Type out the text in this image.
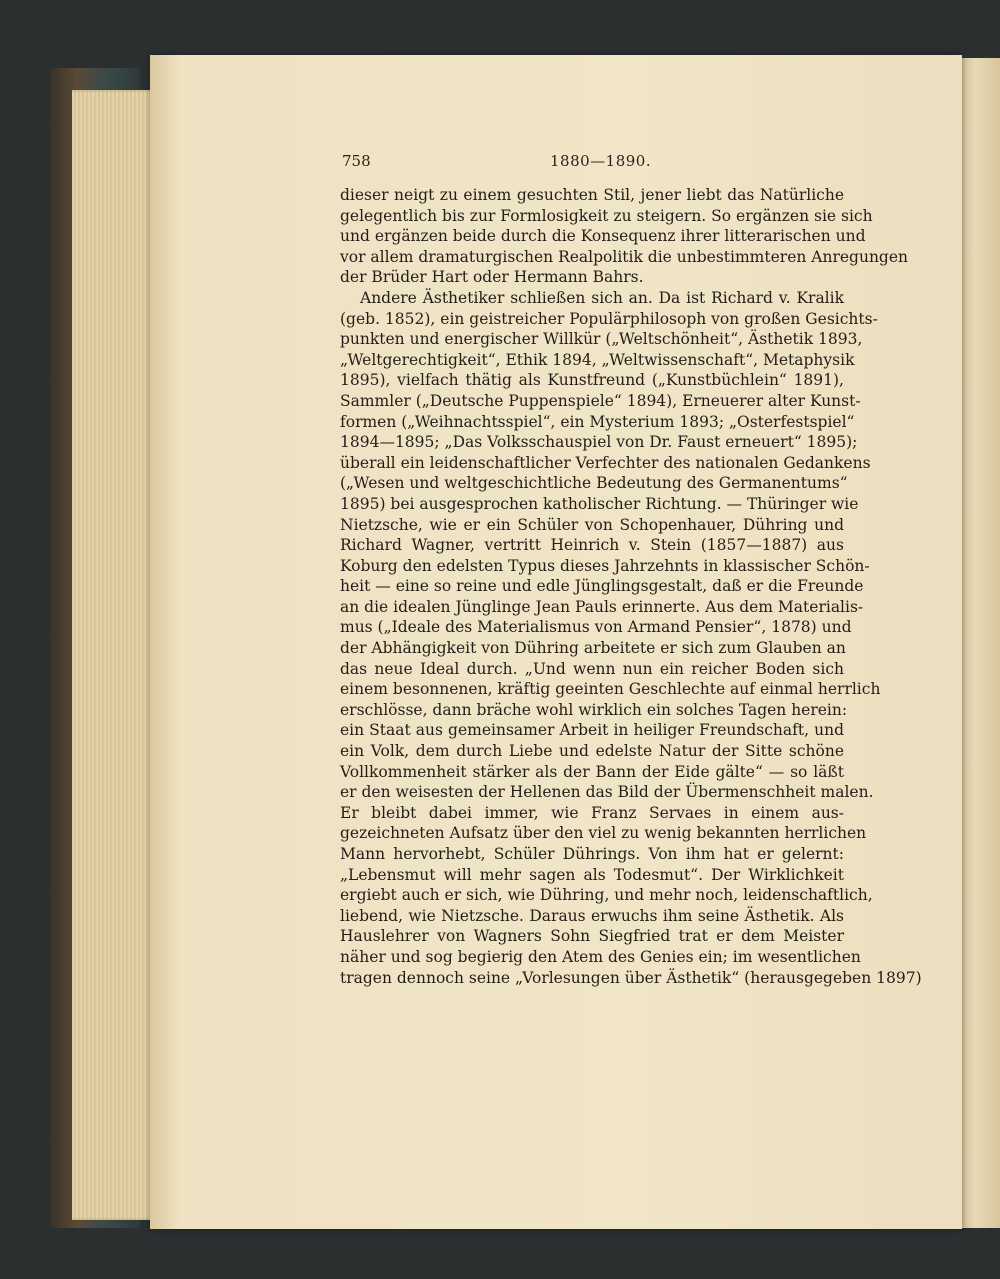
758	1880—1890.
dieser neigt zu einem gesuchten Stil, jener liebt das Natürliche
gelegentlich bis zur Formlosigkeit zu steigern. So ergänzen sie sich
und ergänzen beide durch die Konsequenz ihrer litterarischen und
vor allem dramaturgischen Realpolitik die unbestimmteren Anregungen
der Brüder Hart oder Hermann Bahrs.
Andere Ästhetiker schließen sich an. Da ist Richard v. Kralik
(geb. 1852), ein geistreicher Populärphilosoph von großen Gesichts-
punkten und energischer Willkür („Weltschönheit“, Ästhetik 1893,
„Weltgerechtigkeit“, Ethik 1894, „Weltwissenschaft“, Metaphysik
1895), vielfach thätig als Kunstfreund („Kunstbüchlein“ 1891),
Sammler („Deutsche Puppenspiele“ 1894), Erneuerer alter Kunst-
formen („Weihnachtsspiel“, ein Mysterium 1893; „Osterfestspiel“
1894—1895; „Das Volksschauspiel von Dr. Faust erneuert“ 1895);
überall ein leidenschaftlicher Verfechter des nationalen Gedankens
(„Wesen und weltgeschichtliche Bedeutung des Germanentums“
1895) bei ausgesprochen katholischer Richtung. — Thüringer wie
Nietzsche, wie er ein Schüler von Schopenhauer, Dühring und
Richard Wagner, vertritt Heinrich v. Stein (1857—1887) aus
Koburg den edelsten Typus dieses Jahrzehnts in klassischer Schön-
heit — eine so reine und edle Jünglingsgestalt, daß er die Freunde
an die idealen Jünglinge Jean Pauls erinnerte. Aus dem Materialis-
mus („Ideale des Materialismus von Armand Pensier“, 1878) und
der Abhängigkeit von Dühring arbeitete er sich zum Glauben an
das neue Ideal durch. „Und wenn nun ein reicher Boden sich
einem besonnenen, kräftig geeinten Geschlechte auf einmal herrlich
erschlösse, dann bräche wohl wirklich ein solches Tagen herein:
ein Staat aus gemeinsamer Arbeit in heiliger Freundschaft, und
ein Volk, dem durch Liebe und edelste Natur der Sitte schöne
Vollkommenheit stärker als der Bann der Eide gälte“ — so läßt
er den weisesten der Hellenen das Bild der Übermenschheit malen.
Er bleibt dabei immer, wie Franz Servaes in einem aus-
gezeichneten Aufsatz über den viel zu wenig bekannten herrlichen
Mann hervorhebt, Schüler Dührings. Von ihm hat er gelernt:
„Lebensmut will mehr sagen als Todesmut“. Der Wirklichkeit
ergiebt auch er sich, wie Dühring, und mehr noch, leidenschaftlich,
liebend, wie Nietzsche. Daraus erwuchs ihm seine Ästhetik. Als
Hauslehrer von Wagners Sohn Siegfried trat er dem Meister
näher und sog begierig den Atem des Genies ein; im wesentlichen
tragen dennoch seine „Vorlesungen über Ästhetik“ (herausgegeben 1897)
